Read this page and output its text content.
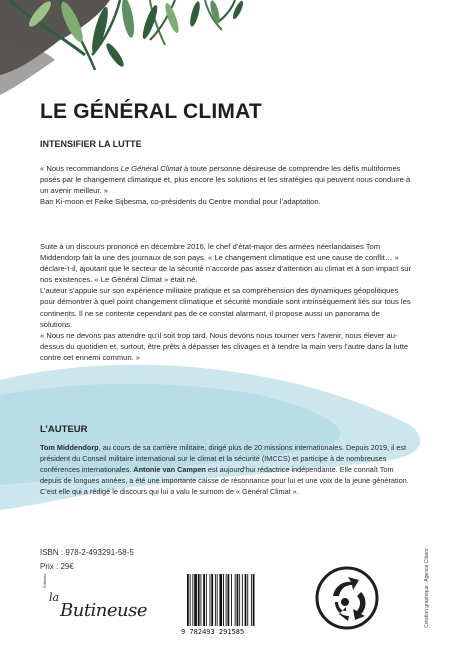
LE GÉNÉRAL CLIMAT
INTENSIFIER LA LUTTE

« Nous recommandons Le Général Climat à toute personne désireuse de comprendre les défis multiformes posés par le changement climatique et, plus encore les solutions et les stratégies qui peuvent nous conduire à un avenir meilleur. »

Ban Ki-moon et Feike Sijbesma, co-présidents du Centre mondial pour l’adaptation.

Suite à un discours prononcé en décembre 2016, le chef d’état-major des armées néerlandaises Tom Middendorp fait la une des journaux de son pays. « Le changement climatique est une cause de conflit… » déclare-t-il, ajoutant que le secteur de la sécurité n’accorde pas assez d’attention au climat et à son impact sur nos existences. « Le Général Climat » était né.

L’auteur s’appuie sur son expérience militaire pratique et sa compréhension des dynamiques géopolitiques pour démontrer à quel point changement climatique et sécurité mondiale sont intrinsèquement liés sur tous les continents. Il ne se contente cependant pas de ce constat alarmant, il propose aussi un panorama de solutions.

« Nous ne devons pas attendre qu’il soit trop tard. Nous devons nous tourner vers l’avenir, nous élever au-dessus du quotidien et, surtout, être prêts à dépasser les clivages et à tendre la main vers l’autre dans la lutte contre cet ennemi commun. »

L’AUTEUR

Tom Middendorp, au cours de sa carrière militaire, dirigé plus de 20 missions internationales. Depuis 2019, il est président du Conseil militaire international sur le climat et la sécurité (IMCCS) et participe à de nombreuses conférences internationales. Antonie van Campen est aujourd’hui rédactrice indépendante. Elle connaît Tom depuis de longues années, a été une importante caisse de résonnance pour lui et une voix de la jeune génération. C’est elle qui a rédigé le discours qui lui a valu le surnom de « Général Climat ».

ISBN : 978-2-493291-58-5
Prix : 29€
Éditions
la
Butineuse
9 782493 291585
Création graphique : Agence Cibam
